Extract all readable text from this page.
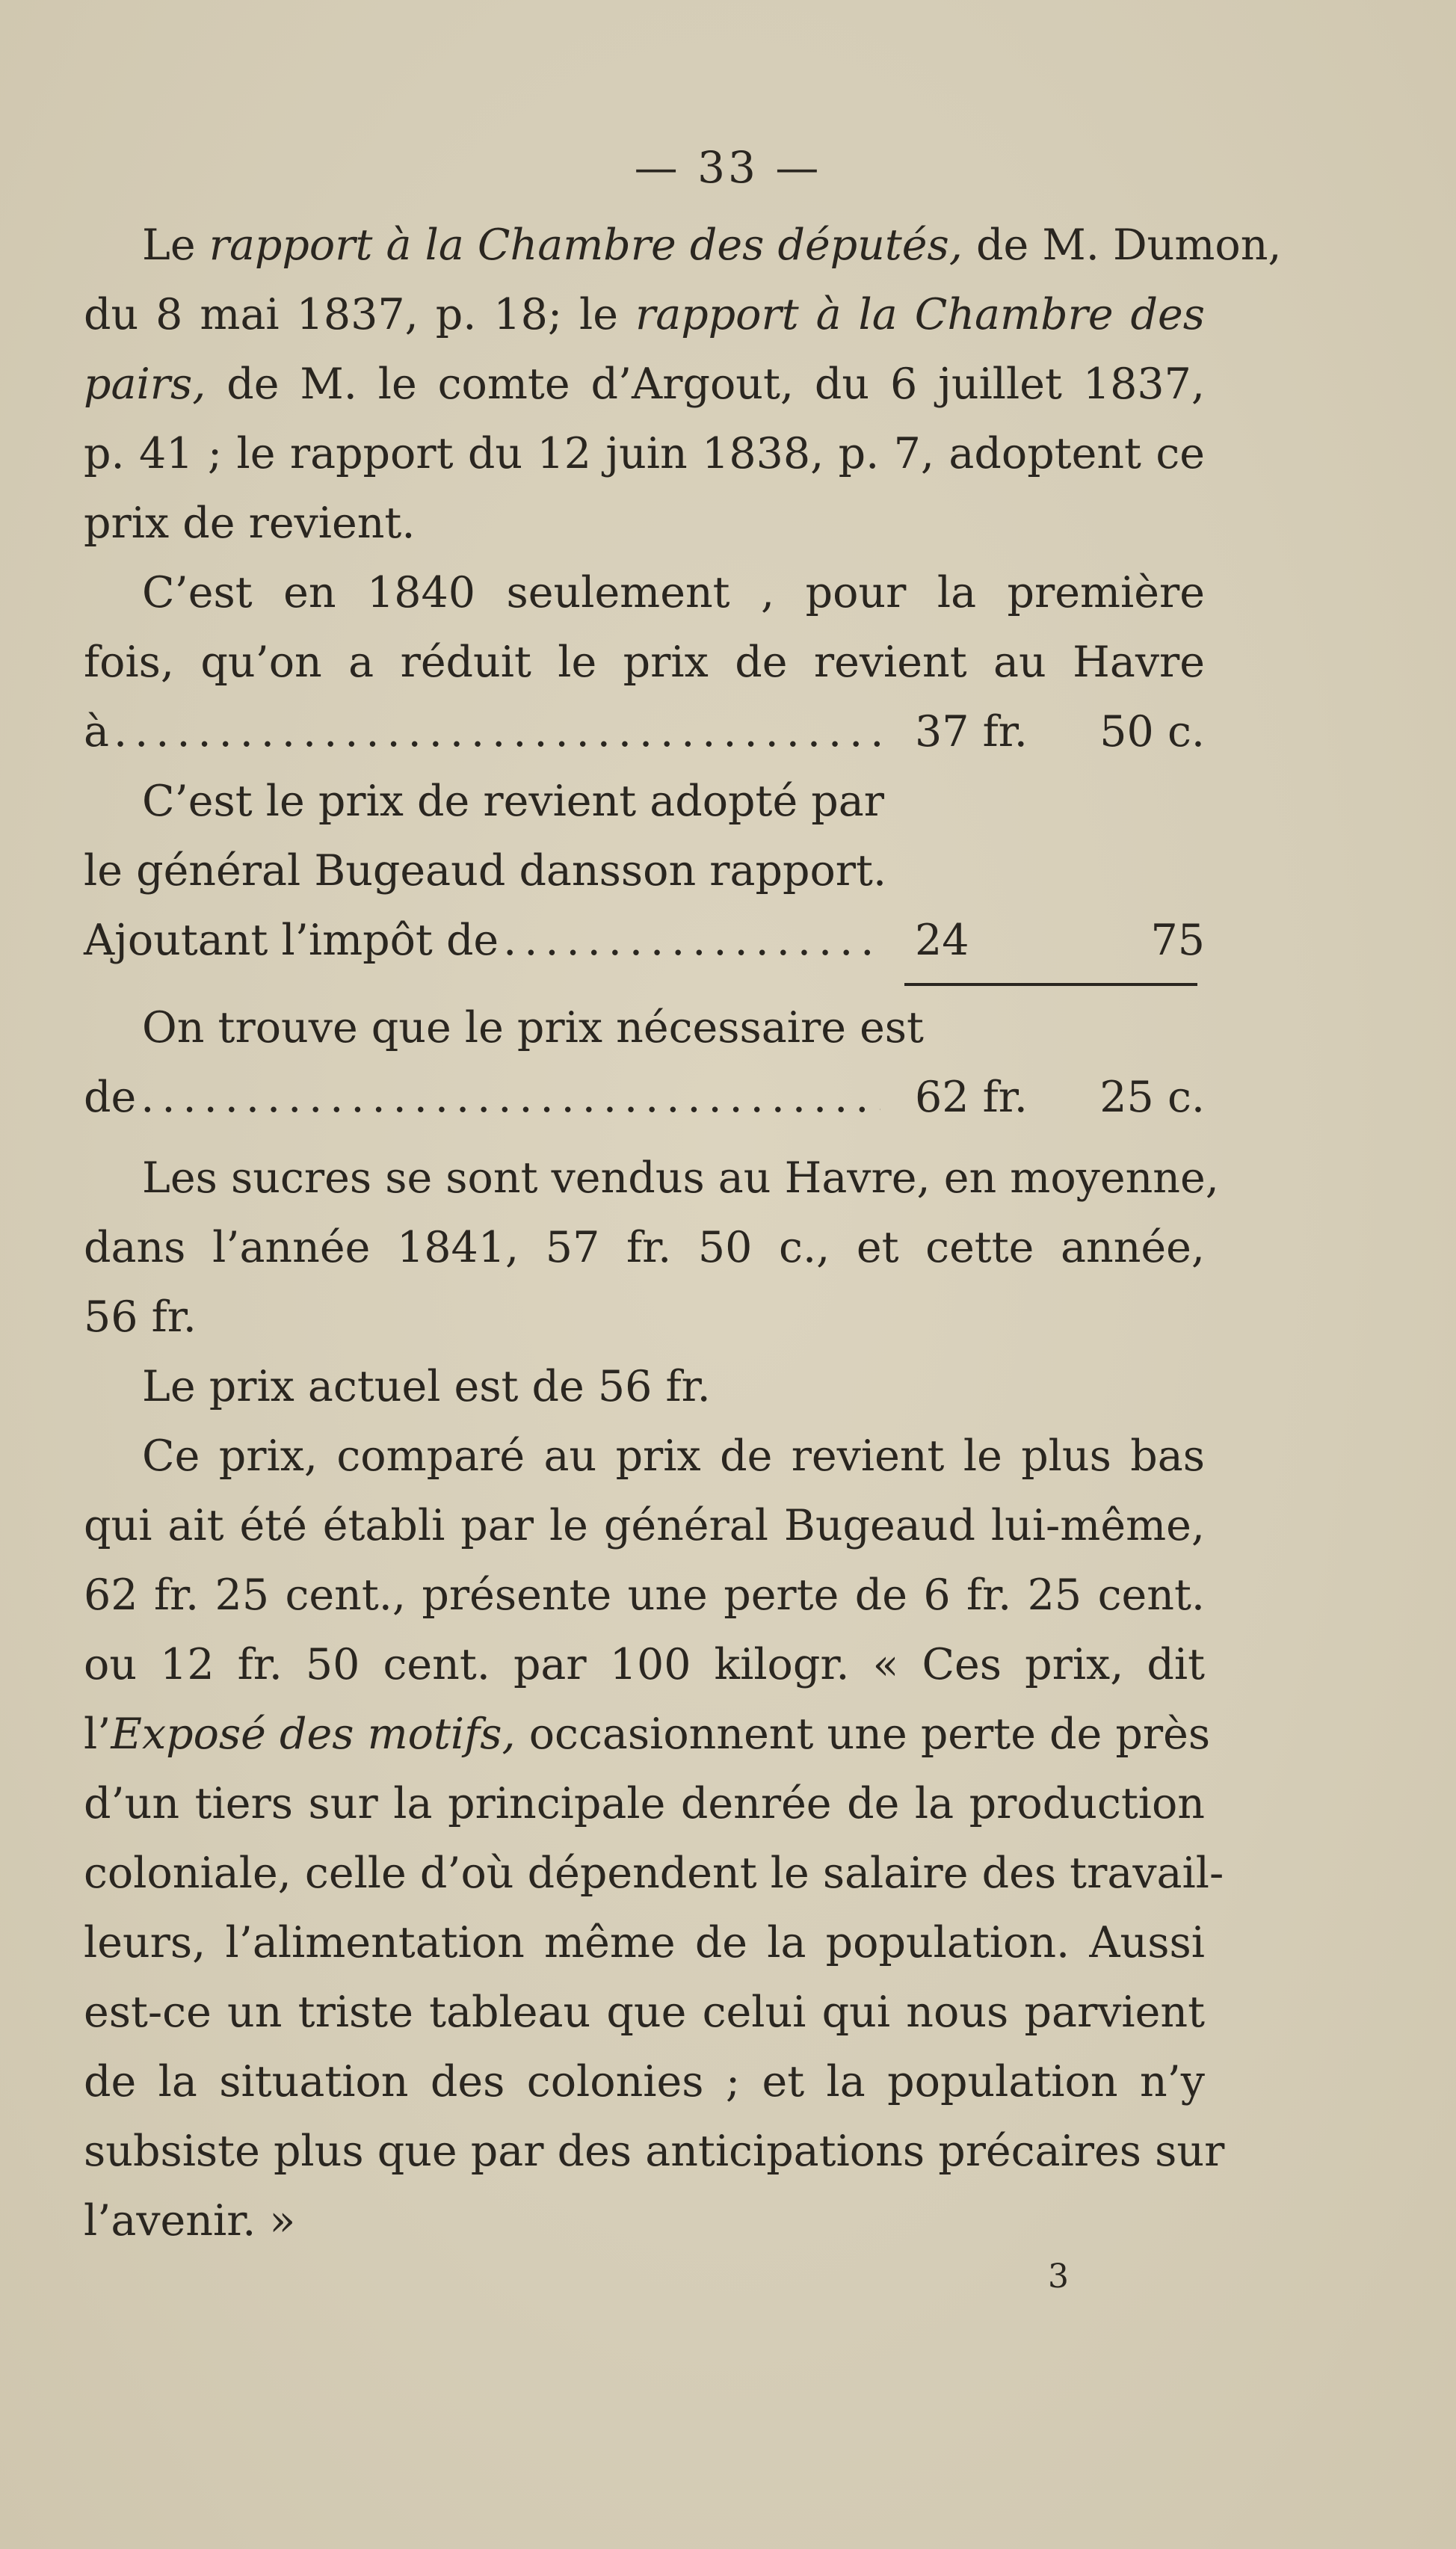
— 33 —
Le rapport à la Chambre des députés, de M. Dumon,
du 8 mai 1837, p. 18; le rapport à la Chambre des
pairs, de M. le comte d’Argout, du 6 juillet 1837,
p. 41 ; le rapport du 12 juin 1838, p. 7, adoptent ce
prix de revient.
C’est en 1840 seulement , pour la première
fois, qu’on a réduit le prix de revient au Havre
à .....	37 fr. 50 c.
C’est le prix de revient adopté par
le général Bugeaud dansson rapport.
Ajoutant l’impôt de .....	24	75
On trouve que le prix nécessaire est
de .....	62 fr. 25 c.
Les sucres se sont vendus au Havre, en moyenne,
dans l’année 1841, 57 fr. 50 c., et cette année,
56 fr.
Le prix actuel est de 56 fr.
Ce prix, comparé au prix de revient le plus bas
qui ait été établi par le général Bugeaud lui-même,
62 fr. 25 cent., présente une perte de 6 fr. 25 cent.
ou 12 fr. 50 cent. par 100 kilogr. « Ces prix, dit
l’Exposé des motifs, occasionnent une perte de près
d’un tiers sur la principale denrée de la production
coloniale, celle d’où dépendent le salaire des travail-
leurs, l’alimentation même de la population. Aussi
est-ce un triste tableau que celui qui nous parvient
de la situation des colonies ; et la population n’y
subsiste plus que par des anticipations précaires sur
l’avenir. »
3
